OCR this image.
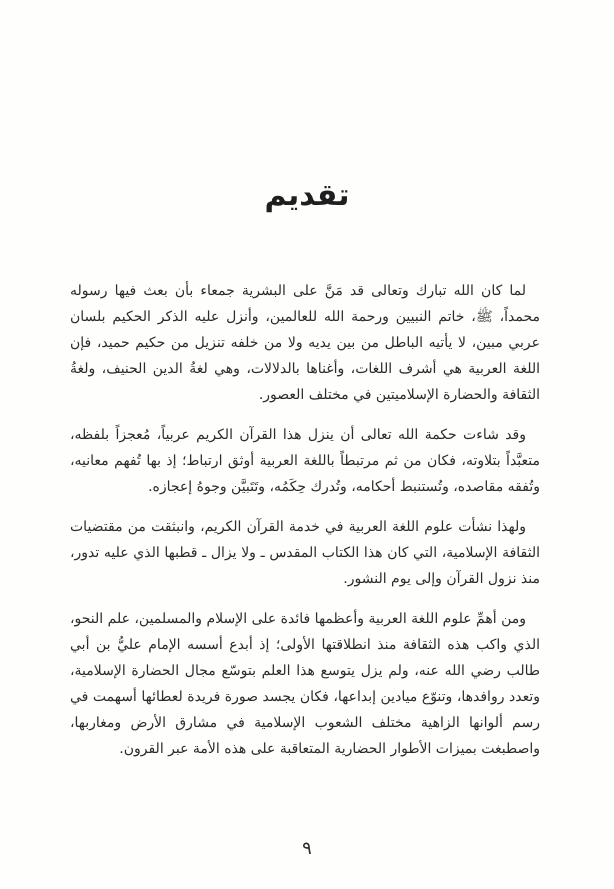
تقديم

لما كان الله تبارك وتعالى قد مَنَّ على البشرية جمعاء بأن بعث فيها رسوله محمداً، ﷺ، خاتم النبيين ورحمة الله للعالمين، وأنزل عليه الذكر الحكيم بلسان عربي مبين، لا يأتيه الباطل من بين يديه ولا من خلفه تنزيل من حكيم حميد، فإن اللغة العربية هي أشرف اللغات، وأغناها بالدلالات، وهي لغةُ الدين الحنيف، ولغةُ الثقافة والحضارة الإسلاميتين في مختلف العصور.

وقد شاءت حكمة الله تعالى أن ينزل هذا القرآن الكريم عربياً، مُعجزاً بلفظه، متعبَّداً بتلاوته، فكان من ثم مرتبطاً باللغة العربية أوثق ارتباط؛ إذ بها تُفهم معانيه، وتُفقه مقاصده، وتُستنبط أحكامه، وتُدرك حِكَمُه، وتَتَبيَّن وجوهُ إعجازه.

ولهذا نشأت علوم اللغة العربية في خدمة القرآن الكريم، وانبثقت من مقتضيات الثقافة الإسلامية، التي كان هذا الكتاب المقدس ـ ولا يزال ـ قطبها الذي عليه تدور، منذ نزول القرآن وإلى يوم النشور.

ومن أهمِّ علوم اللغة العربية وأعظمها فائدة على الإسلام والمسلمين، علم النحو، الذي واكب هذه الثقافة منذ انطلاقتها الأولى؛ إذ أبدع أسسه الإمام عليُّ بن أبي طالب رضي الله عنه، ولم يزل يتوسع هذا العلم بتوسّع مجال الحضارة الإسلامية، وتعدد روافدها، وتنوّع ميادين إبداعها، فكان يجسد صورة فريدة لعطائها أسهمت في رسم ألوانها الزاهية مختلف الشعوب الإسلامية في مشارق الأرض ومغاربها، واصطبغت بميزات الأطوار الحضارية المتعاقبة على هذه الأمة عبر القرون.

٩
